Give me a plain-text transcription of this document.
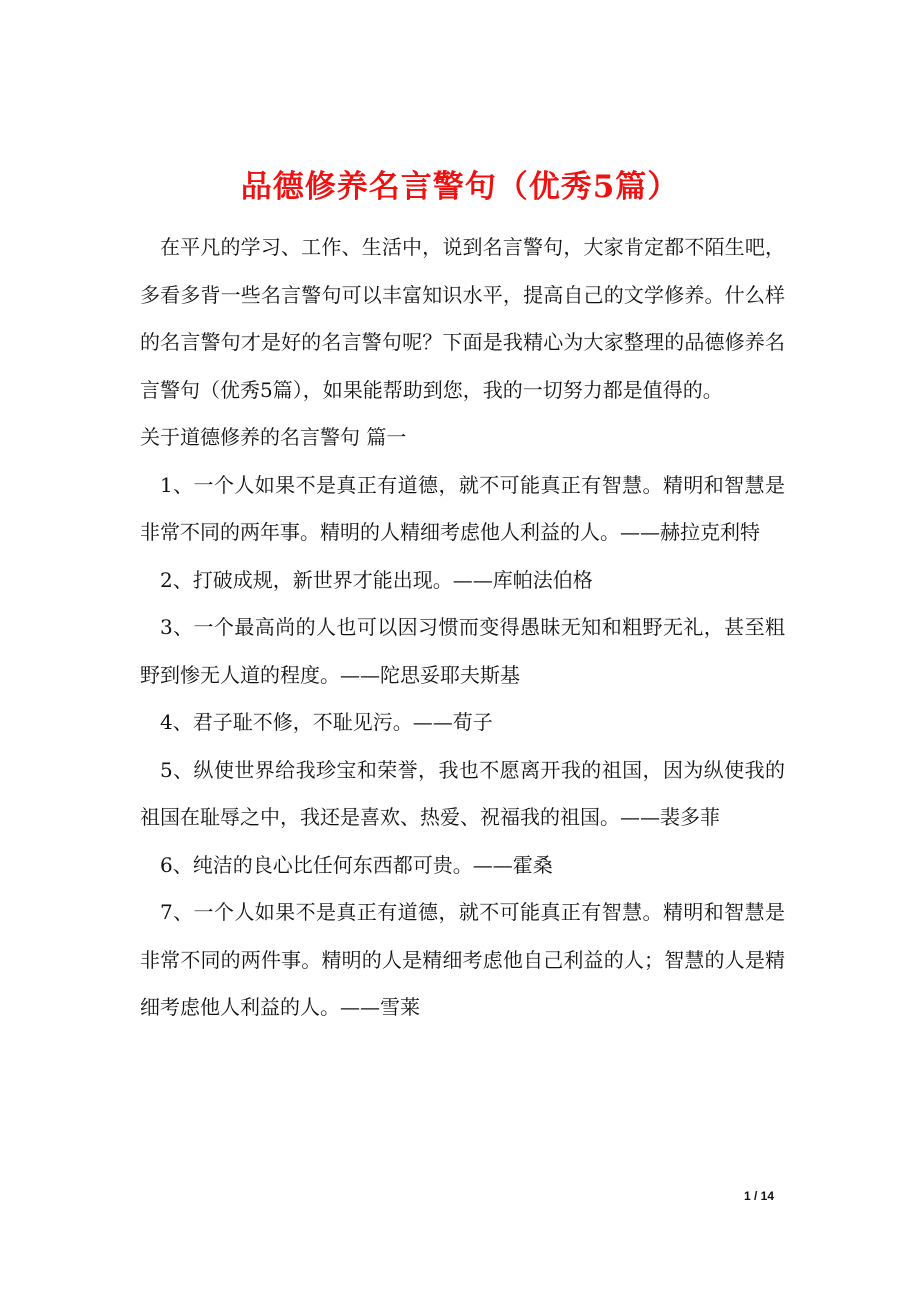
品德修养名言警句（优秀5篇）

在平凡的学习、工作、生活中，说到名言警句，大家肯定都不陌生吧，多看多背一些名言警句可以丰富知识水平，提高自己的文学修养。什么样的名言警句才是好的名言警句呢？下面是我精心为大家整理的品德修养名言警句（优秀5篇），如果能帮助到您，我的一切努力都是值得的。

关于道德修养的名言警句 篇一

1、一个人如果不是真正有道德，就不可能真正有智慧。精明和智慧是非常不同的两年事。精明的人精细考虑他人利益的人。——赫拉克利特

2、打破成规，新世界才能出现。——库帕法伯格

3、一个最高尚的人也可以因习惯而变得愚昧无知和粗野无礼，甚至粗野到惨无人道的程度。——陀思妥耶夫斯基

4、君子耻不修，不耻见污。——荀子

5、纵使世界给我珍宝和荣誉，我也不愿离开我的祖国，因为纵使我的祖国在耻辱之中，我还是喜欢、热爱、祝福我的祖国。——裴多菲

6、纯洁的良心比任何东西都可贵。——霍桑

7、一个人如果不是真正有道德，就不可能真正有智慧。精明和智慧是非常不同的两件事。精明的人是精细考虑他自己利益的人；智慧的人是精细考虑他人利益的人。——雪莱

1 / 14
